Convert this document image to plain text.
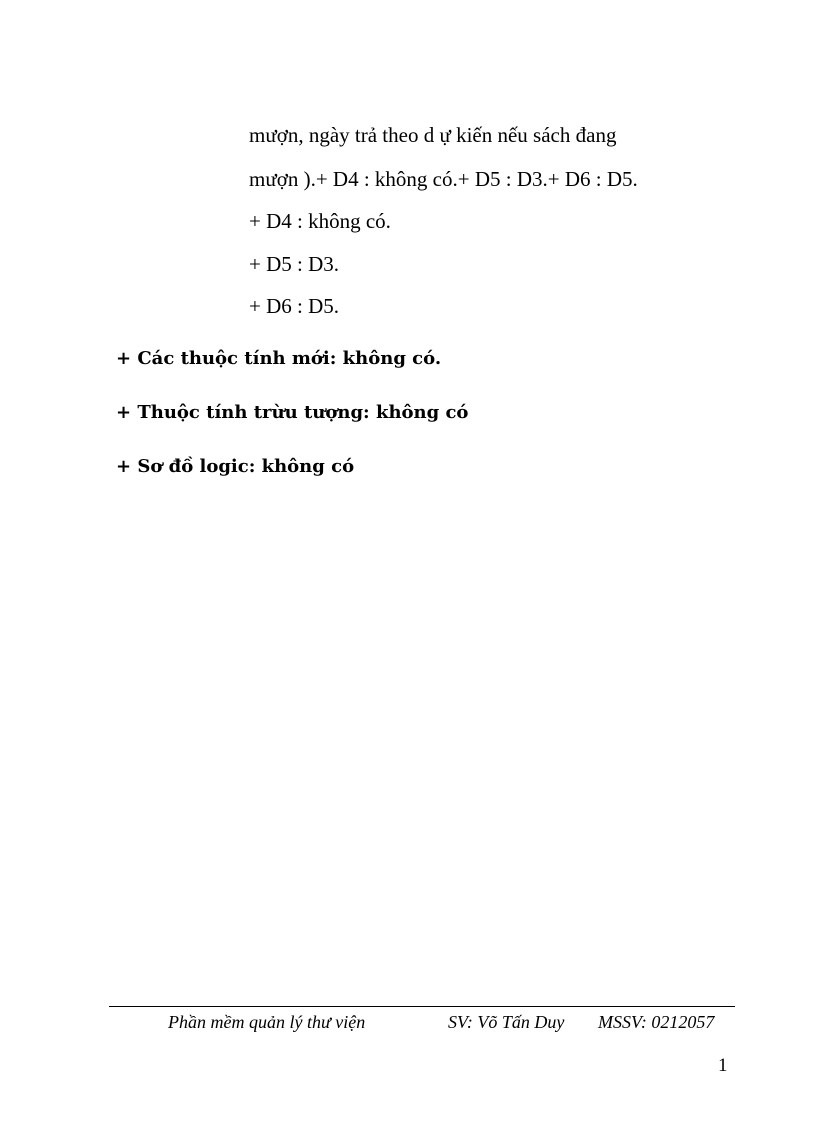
mượn, ngày trả theo d ự kiến nếu sách đang
mượn ).+ D4 : không có.+ D5 : D3.+ D6 : D5.
+ D4 : không có.
+ D5 : D3.
+ D6 : D5.
+ Các thuộc tính mới: không có.
+ Thuộc tính trừu tượng: không có
+ Sơ đồ logic: không có
Phần mềm quản lý thư viện	SV: Võ Tấn Duy MSSV: 0212057
1
